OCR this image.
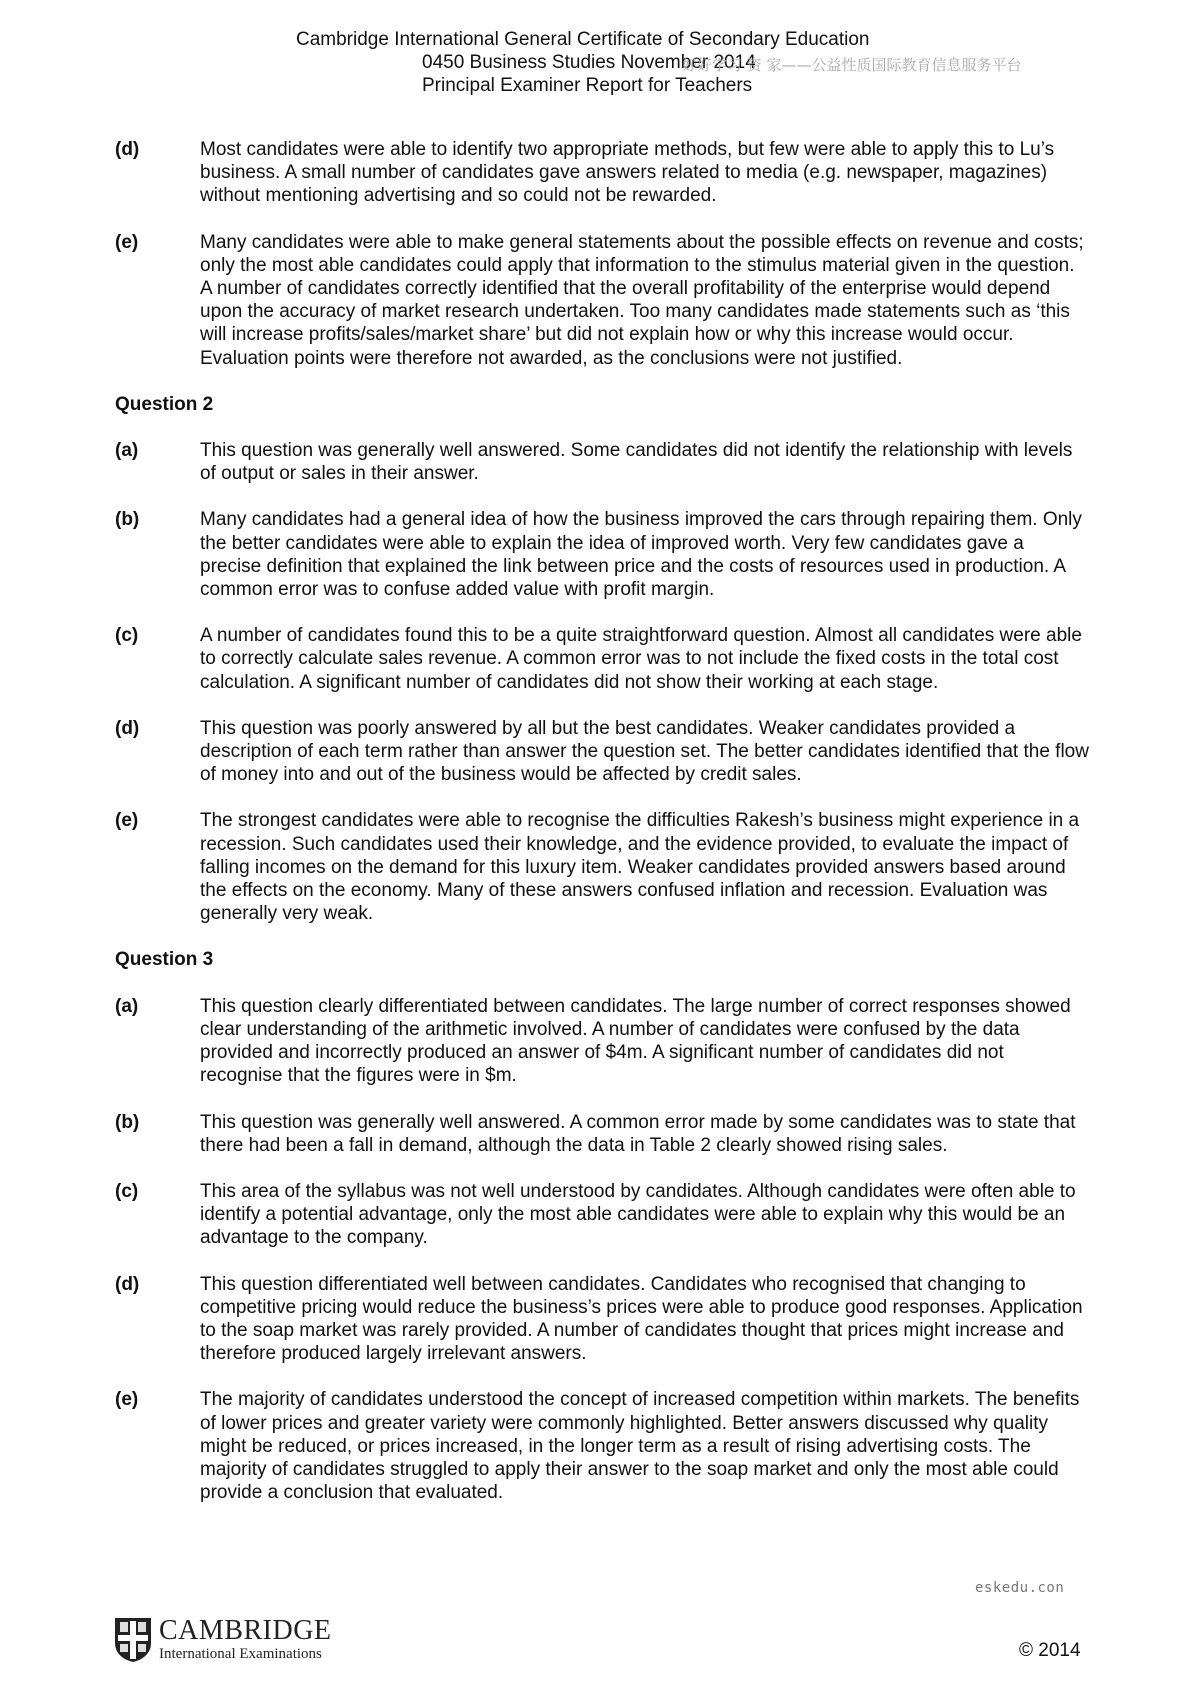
Cambridge International General Certificate of Secondary Education
0450 Business Studies November 2014
Principal Examiner Report for Teachers
好好学习 资 家——公益性质国际教育信息服务平台
(d)	Most candidates were able to identify two appropriate methods, but few were able to apply this to Lu’s business. A small number of candidates gave answers related to media (e.g. newspaper, magazines) without mentioning advertising and so could not be rewarded.
(e)	Many candidates were able to make general statements about the possible effects on revenue and costs; only the most able candidates could apply that information to the stimulus material given in the question. A number of candidates correctly identified that the overall profitability of the enterprise would depend upon the accuracy of market research undertaken. Too many candidates made statements such as ‘this will increase profits/sales/market share’ but did not explain how or why this increase would occur. Evaluation points were therefore not awarded, as the conclusions were not justified.
Question 2
(a)	This question was generally well answered. Some candidates did not identify the relationship with levels of output or sales in their answer.
(b)	Many candidates had a general idea of how the business improved the cars through repairing them. Only the better candidates were able to explain the idea of improved worth. Very few candidates gave a precise definition that explained the link between price and the costs of resources used in production. A common error was to confuse added value with profit margin.
(c)	A number of candidates found this to be a quite straightforward question. Almost all candidates were able to correctly calculate sales revenue. A common error was to not include the fixed costs in the total cost calculation. A significant number of candidates did not show their working at each stage.
(d)	This question was poorly answered by all but the best candidates. Weaker candidates provided a description of each term rather than answer the question set. The better candidates identified that the flow of money into and out of the business would be affected by credit sales.
(e)	The strongest candidates were able to recognise the difficulties Rakesh’s business might experience in a recession. Such candidates used their knowledge, and the evidence provided, to evaluate the impact of falling incomes on the demand for this luxury item. Weaker candidates provided answers based around the effects on the economy. Many of these answers confused inflation and recession. Evaluation was generally very weak.
Question 3
(a)	This question clearly differentiated between candidates. The large number of correct responses showed clear understanding of the arithmetic involved. A number of candidates were confused by the data provided and incorrectly produced an answer of $4m. A significant number of candidates did not recognise that the figures were in $m.
(b)	This question was generally well answered. A common error made by some candidates was to state that there had been a fall in demand, although the data in Table 2 clearly showed rising sales.
(c)	This area of the syllabus was not well understood by candidates. Although candidates were often able to identify a potential advantage, only the most able candidates were able to explain why this would be an advantage to the company.
(d)	This question differentiated well between candidates. Candidates who recognised that changing to competitive pricing would reduce the business’s prices were able to produce good responses. Application to the soap market was rarely provided. A number of candidates thought that prices might increase and therefore produced largely irrelevant answers.
(e)	The majority of candidates understood the concept of increased competition within markets. The benefits of lower prices and greater variety were commonly highlighted. Better answers discussed why quality might be reduced, or prices increased, in the longer term as a result of rising advertising costs. The majority of candidates struggled to apply their answer to the soap market and only the most able could provide a conclusion that evaluated.
eskedu.con
CAMBRIDGE
International Examinations	© 2014
